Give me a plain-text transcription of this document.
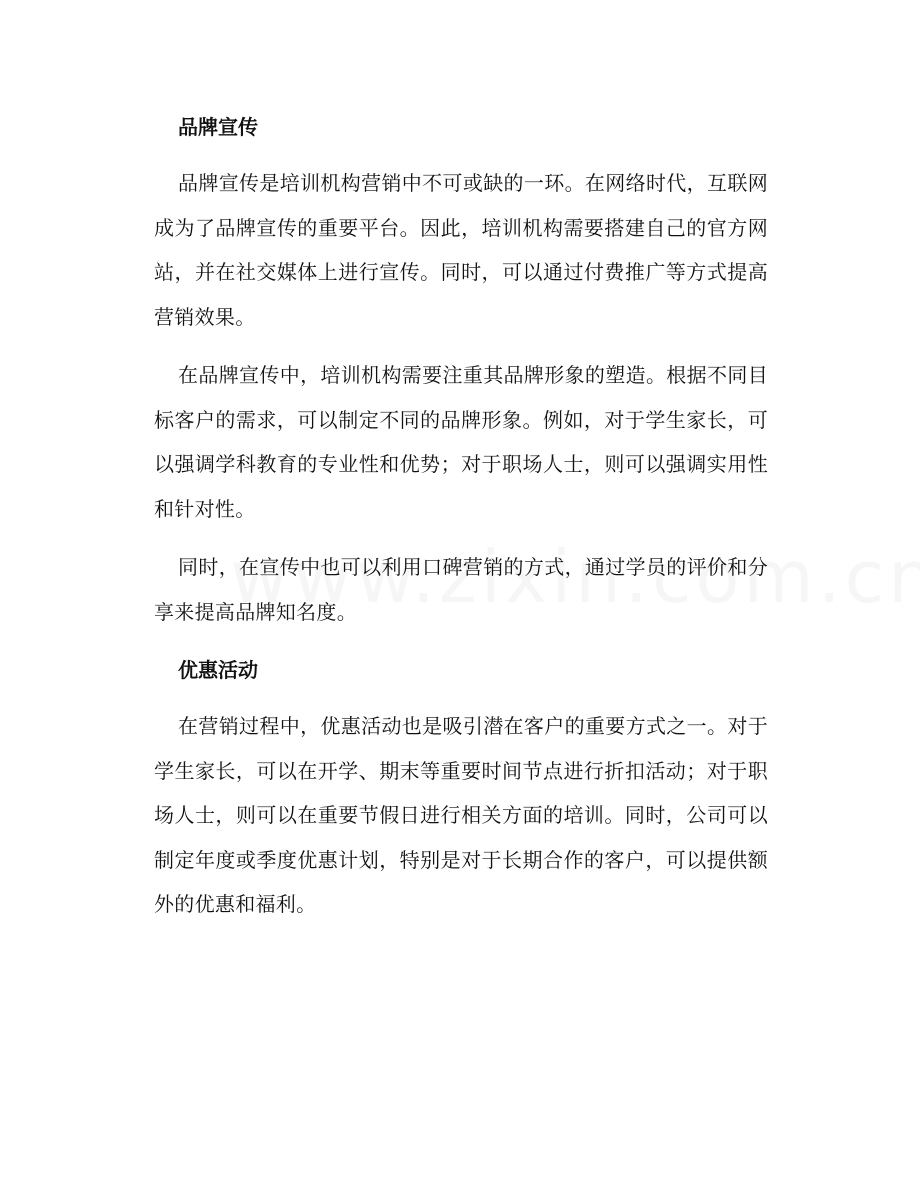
品牌宣传

品牌宣传是培训机构营销中不可或缺的一环。在网络时代，互联网成为了品牌宣传的重要平台。因此，培训机构需要搭建自己的官方网站，并在社交媒体上进行宣传。同时，可以通过付费推广等方式提高营销效果。

在品牌宣传中，培训机构需要注重其品牌形象的塑造。根据不同目标客户的需求，可以制定不同的品牌形象。例如，对于学生家长，可以强调学科教育的专业性和优势；对于职场人士，则可以强调实用性和针对性。

同时，在宣传中也可以利用口碑营销的方式，通过学员的评价和分享来提高品牌知名度。

优惠活动

在营销过程中，优惠活动也是吸引潜在客户的重要方式之一。对于学生家长，可以在开学、期末等重要时间节点进行折扣活动；对于职场人士，则可以在重要节假日进行相关方面的培训。同时，公司可以制定年度或季度优惠计划，特别是对于长期合作的客户，可以提供额外的优惠和福利。
